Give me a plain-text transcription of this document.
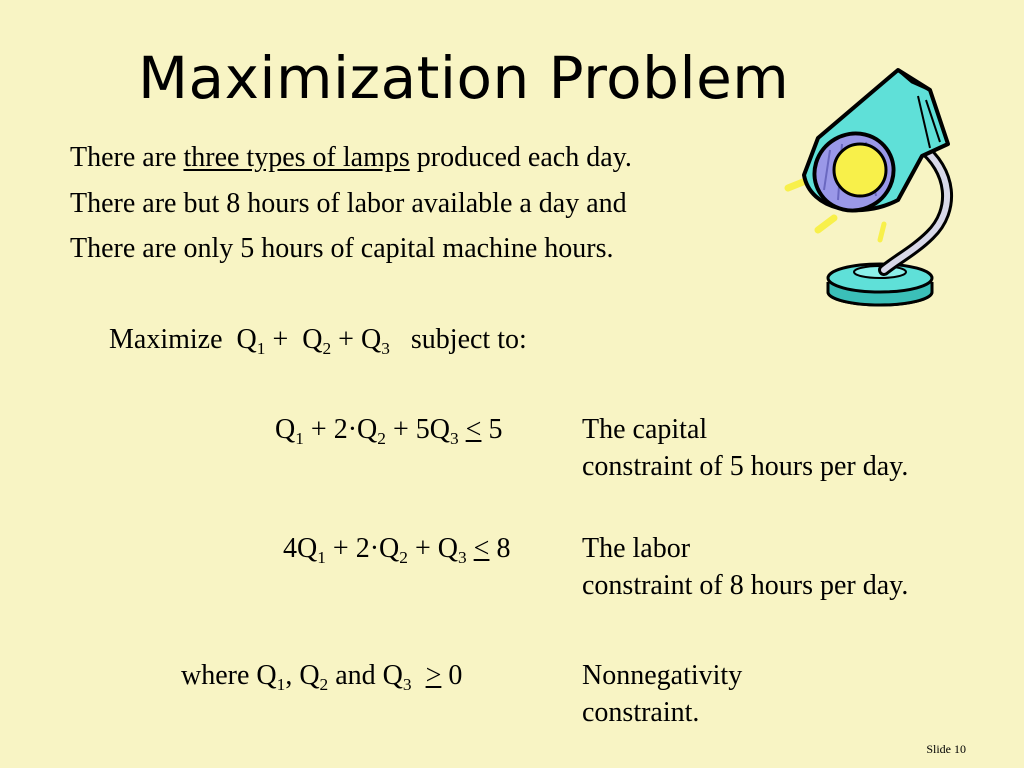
Maximization Problem
There are three types of lamps produced each day.
There are but 8 hours of labor available a day and
There are only 5 hours of capital machine hours.
Maximize $Q_1 + Q_2 + Q_3$ subject to:
$Q_1 + 2\cdot Q_2 + 5Q_3 \le 5$	The capital
constraint of 5 hours per day.
$4Q_1 + 2\cdot Q_2 + Q_3 \le 8$	The labor
constraint of 8 hours per day.
where $Q_1$, $Q_2$ and $Q_3 \ge 0$	Nonnegativity
constraint.
Slide 10
